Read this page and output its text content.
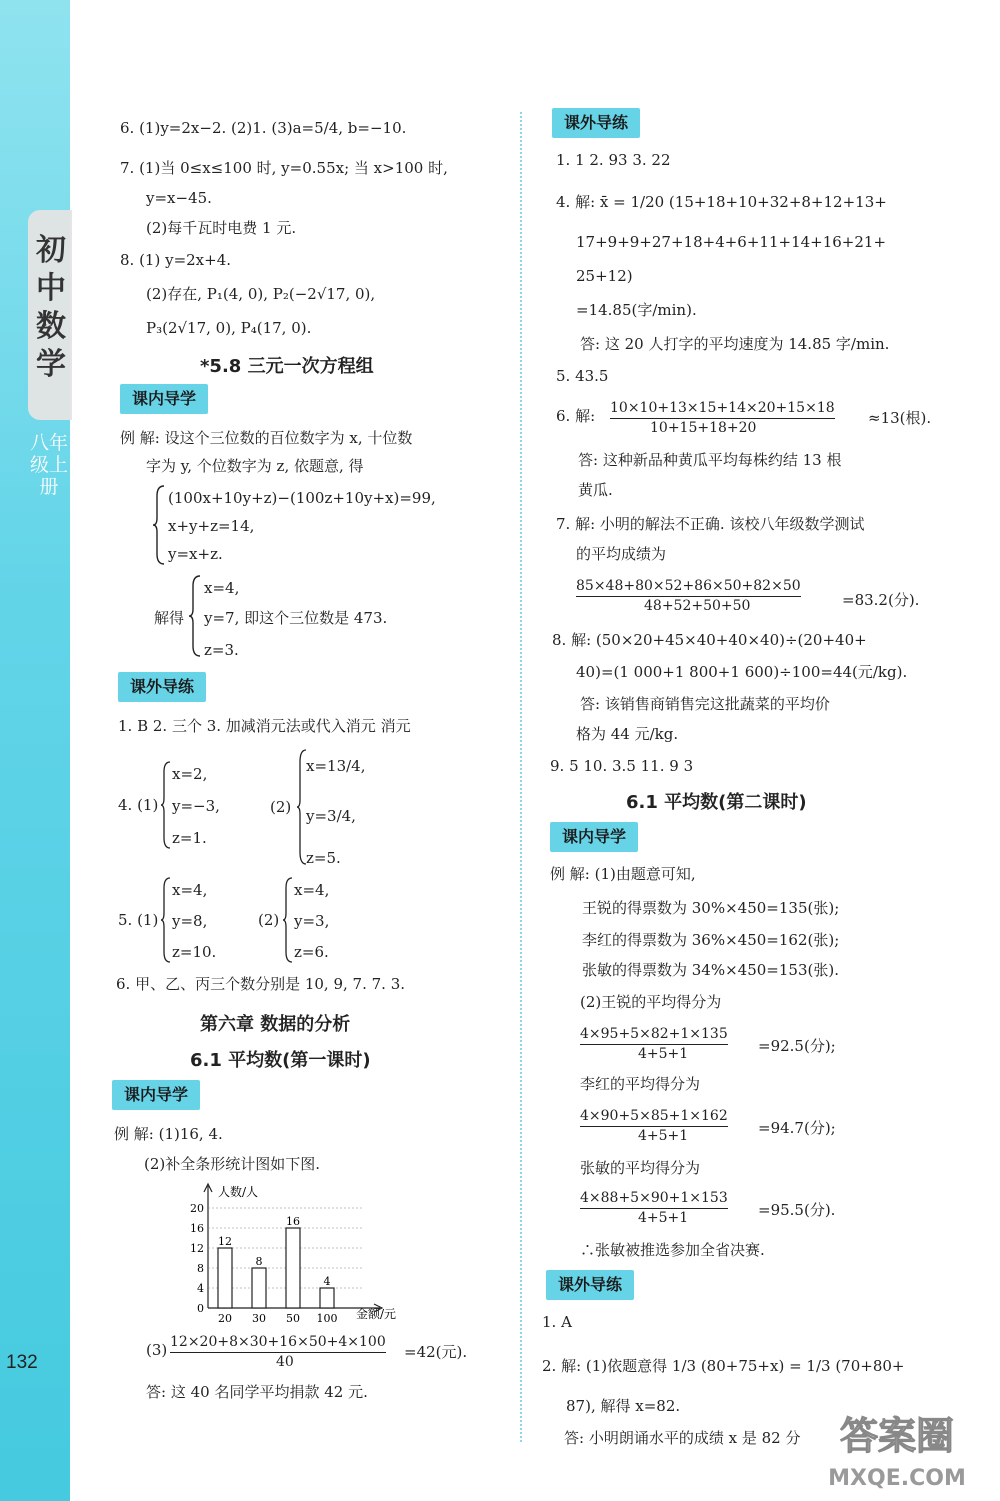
初中数学
八年级上册
132
6. (1)y=2x−2. (2)1. (3)a=5/4, b=−10.
7. (1)当 0≤x≤100 时, y=0.55x; 当 x>100 时,
y=x−45.
(2)每千瓦时电费 1 元.
8. (1) y=2x+4.
(2)存在, P₁(4, 0), P₂(−2√17, 0),
P₃(2√17, 0), P₄(17, 0).
*5.8 三元一次方程组
课内导学
例 解: 设这个三位数的百位数字为 x, 十位数
字为 y, 个位数字为 z, 依题意, 得
(100x+10y+z)−(100z+10y+x)=99,
x+y+z=14,
y=x+z.
x=4,
解得 y=7, 即这个三位数是 473.
z=3.
课外导练
1. B 2. 三个 3. 加减消元法或代入消元 消元
4. (1)
x=2,
y=−3,
z=1.
(2)
x=13/4,
y=3/4,
z=5.
5. (1)
x=4,
y=8,
z=10.
(2)
x=4,
y=3,
z=6.
6. 甲、乙、丙三个数分别是 10, 9, 7. 7. 3.
第六章 数据的分析
6.1 平均数(第一课时)
课内导学
例 解: (1)16, 4.
(2)补全条形统计图如下图.
人数/人
金额/元
0
4
8
12
16
20
12
20
8
30
16
50
4
100
(3) 12×20+8×30+16×50+4×100
40
=42(元).
答: 这 40 名同学平均捐款 42 元.
课外导练
1. 1 2. 93 3. 22
4. 解: x̄ = 1/20 (15+18+10+32+8+12+13+
17+9+9+27+18+4+6+11+14+16+21+
25+12)
=14.85(字/min).
答: 这 20 人打字的平均速度为 14.85 字/min.
5. 43.5
6. 解: 10×10+13×15+14×20+15×18
10+15+18+20
≈13(根).
答: 这种新品种黄瓜平均每株约结 13 根
黄瓜.
7. 解: 小明的解法不正确. 该校八年级数学测试
的平均成绩为
85×48+80×52+86×50+82×50
48+52+50+50	=83.2(分).
8. 解: (50×20+45×40+40×40)÷(20+40+
40)=(1 000+1 800+1 600)÷100=44(元/kg).
答: 该销售商销售完这批蔬菜的平均价
格为 44 元/kg.
9. 5 10. 3.5 11. 9 3
6.1 平均数(第二课时)
课内导学
例 解: (1)由题意可知,
王锐的得票数为 30%×450=135(张);
李红的得票数为 36%×450=162(张);
张敏的得票数为 34%×450=153(张).
(2)王锐的平均得分为
4×95+5×82+1×135
4+5+1	=92.5(分);
李红的平均得分为
4×90+5×85+1×162
4+5+1	=94.7(分);
张敏的平均得分为
4×88+5×90+1×153
4+5+1	=95.5(分).
∴张敏被推选参加全省决赛.
课外导练
1. A
2. 解: (1)依题意得 1/3 (80+75+x) = 1/3 (70+80+
87), 解得 x=82.
答: 小明朗诵水平的成绩 x 是 82 分 答案圈
MXQE.COM
